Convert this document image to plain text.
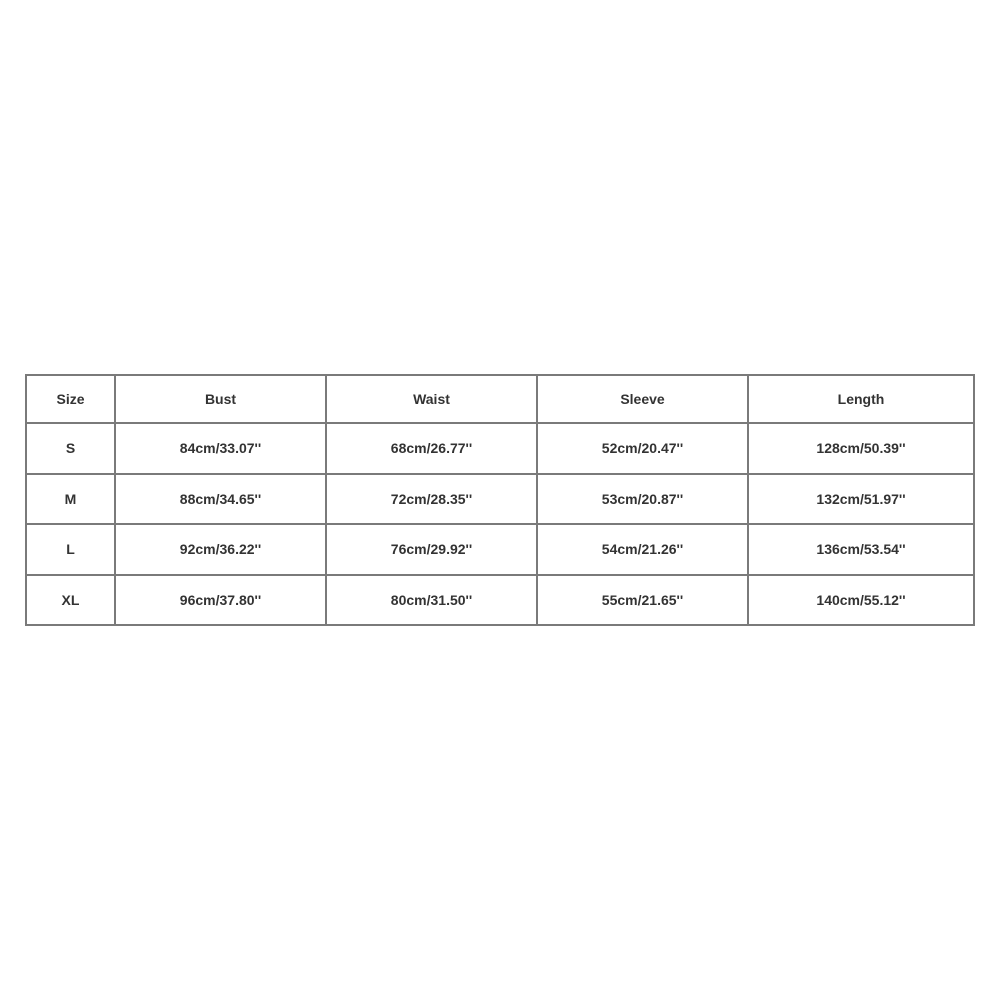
Size	Bust	Waist	Sleeve	Length
S	84cm/33.07''	68cm/26.77''	52cm/20.47''	128cm/50.39''
M	88cm/34.65''	72cm/28.35''	53cm/20.87''	132cm/51.97''
L	92cm/36.22''	76cm/29.92''	54cm/21.26''	136cm/53.54''
XL	96cm/37.80''	80cm/31.50''	55cm/21.65''	140cm/55.12''
